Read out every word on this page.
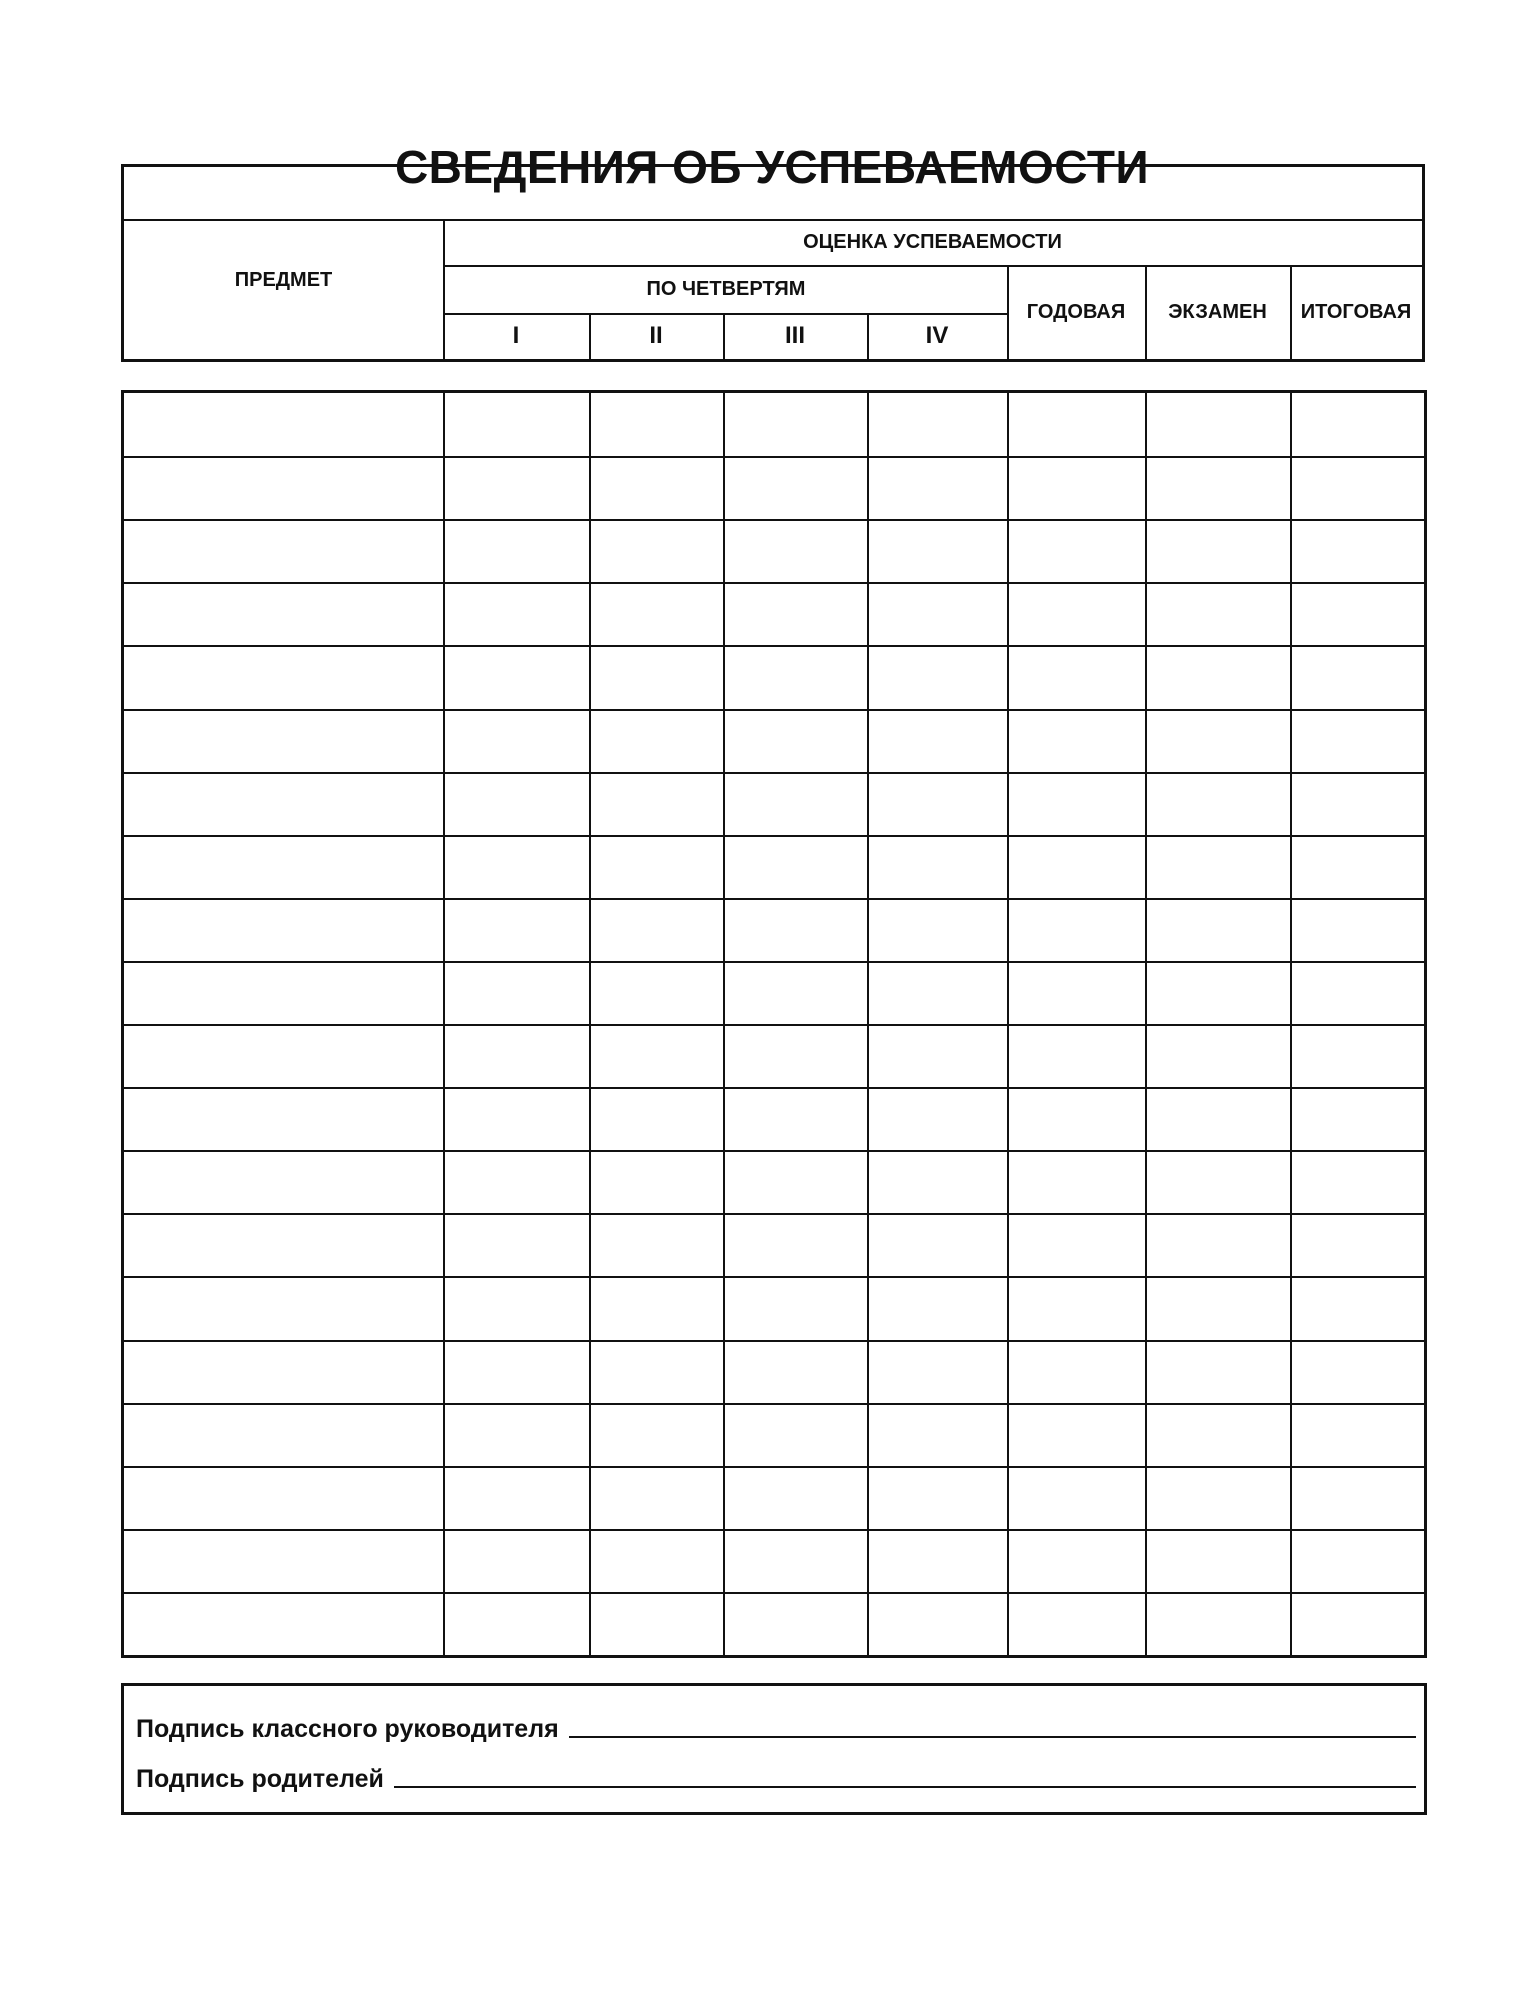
СВЕДЕНИЯ ОБ УСПЕВАЕМОСТИ
ПРЕДМЕТ
ОЦЕНКА УСПЕВАЕМОСТИ
ПО ЧЕТВЕРТЯМ
I	II	III	IV
ГОДОВАЯ	ЭКЗАМЕН	ИТОГОВАЯ
Подпись классного руководителя
Подпись родителей
